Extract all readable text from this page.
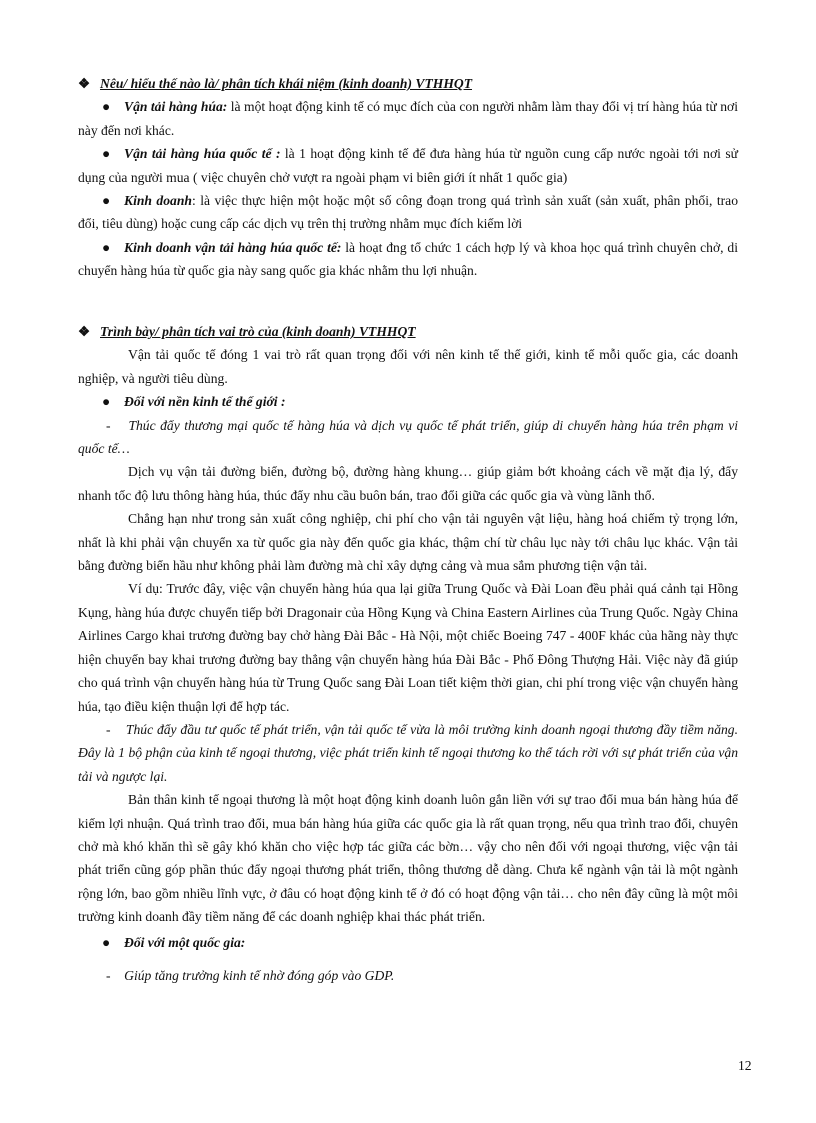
❖ Nêu/ hiểu thế nào là/ phân tích khái niệm (kinh doanh) VTHHQT

● Vận tải hàng húa: là một hoạt động kinh tế có mục đích của con người nhằm làm thay đổi vị trí hàng húa từ nơi này đến nơi khác.

● Vận tải hàng húa quốc tế : là 1 hoạt động kinh tế để đưa hàng húa từ nguồn cung cấp nước ngoài tới nơi sử dụng của người mua ( việc chuyên chở vượt ra ngoài phạm vi biên giới ít nhất 1 quốc gia)

● Kinh doanh: là việc thực hiện một hoặc một số công đoạn trong quá trình sản xuất (sản xuất, phân phối, trao đổi, tiêu dùng) hoặc cung cấp các dịch vụ trên thị trường nhằm mục đích kiếm lời

● Kinh doanh vận tải hàng húa quốc tế: là hoạt đng tổ chức 1 cách hợp lý và khoa học quá trình chuyên chở, di chuyển hàng húa từ quốc gia này sang quốc gia khác nhằm thu lợi nhuận.

❖ Trình bày/ phân tích vai trò của (kinh doanh) VTHHQT

Vận tải quốc tế đóng 1 vai trò rất quan trọng đối với nên kinh tế thế giới, kinh tế mỗi quốc gia, các doanh nghiệp, và người tiêu dùng.

● Đối với nền kinh tế thế giới :

- Thúc đẩy thương mại quốc tế hàng húa và dịch vụ quốc tế phát triển, giúp di chuyển hàng húa trên phạm vi quốc tế…

Dịch vụ vận tải đường biển, đường bộ, đường hàng khung… giúp giảm bớt khoảng cách về mặt địa lý, đẩy nhanh tốc độ lưu thông hàng húa, thúc đẩy nhu cầu buôn bán, trao đổi giữa các quốc gia và vùng lãnh thổ.

Chẳng hạn như trong sản xuất công nghiệp, chi phí cho vận tải nguyên vật liệu, hàng hoá chiếm tỷ trọng lớn, nhất là khi phải vận chuyển xa từ quốc gia này đến quốc gia khác, thậm chí từ châu lục này tới châu lục khác. Vận tải bằng đường biển hầu như không phải làm đường mà chỉ xây dựng cảng và mua sắm phương tiện vận tải.

Ví dụ: Trước đây, việc vận chuyển hàng húa qua lại giữa Trung Quốc và Đài Loan đều phải quá cảnh tại Hồng Kụng, hàng húa được chuyển tiếp bởi Dragonair của Hồng Kụng và China Eastern Airlines của Trung Quốc. Ngày China Airlines Cargo khai trương đường bay chở hàng Đài Bắc - Hà Nội, một chiếc Boeing 747 - 400F khác của hãng này thực hiện chuyến bay khai trương đường bay thẳng vận chuyển hàng húa Đài Bắc - Phố Đông Thượng Hải. Việc này đã giúp cho quá trình vận chuyển hàng húa từ Trung Quốc sang Đài Loan tiết kiệm thời gian, chi phí trong việc vận chuyển hàng húa, tạo điều kiện thuận lợi để hợp tác.

- Thúc đẩy đầu tư quốc tế phát triển, vận tải quốc tế vừa là môi trường kinh doanh ngoại thương đầy tiềm năng. Đây là 1 bộ phận của kinh tế ngoại thương, việc phát triển kinh tế ngoại thương ko thể tách rời với sự phát triển của vận tải và ngược lại.

Bản thân kinh tế ngoại thương là một hoạt động kinh doanh luôn gắn liền với sự trao đổi mua bán hàng húa để kiếm lợi nhuận. Quá trình trao đổi, mua bán hàng húa giữa các quốc gia là rất quan trọng, nếu qua trình trao đổi, chuyên chở mà khó khăn thì sẽ gây khó khăn cho việc hợp tác giữa các bờn… vậy cho nên đối với ngoại thương, việc vận tải phát triển cũng góp phần thúc đẩy ngoại thương phát triển, thông thương dễ dàng. Chưa kể ngành vận tải là một ngành rộng lớn, bao gồm nhiều lĩnh vực, ở đâu có hoạt động kinh tế ở đó có hoạt động vận tải… cho nên đây cũng là một môi trường kinh doanh đầy tiềm năng để các doanh nghiệp khai thác phát triển.

● Đối với một quốc gia:

- Giúp tăng trưởng kinh tế nhờ đóng góp vào GDP.

12
